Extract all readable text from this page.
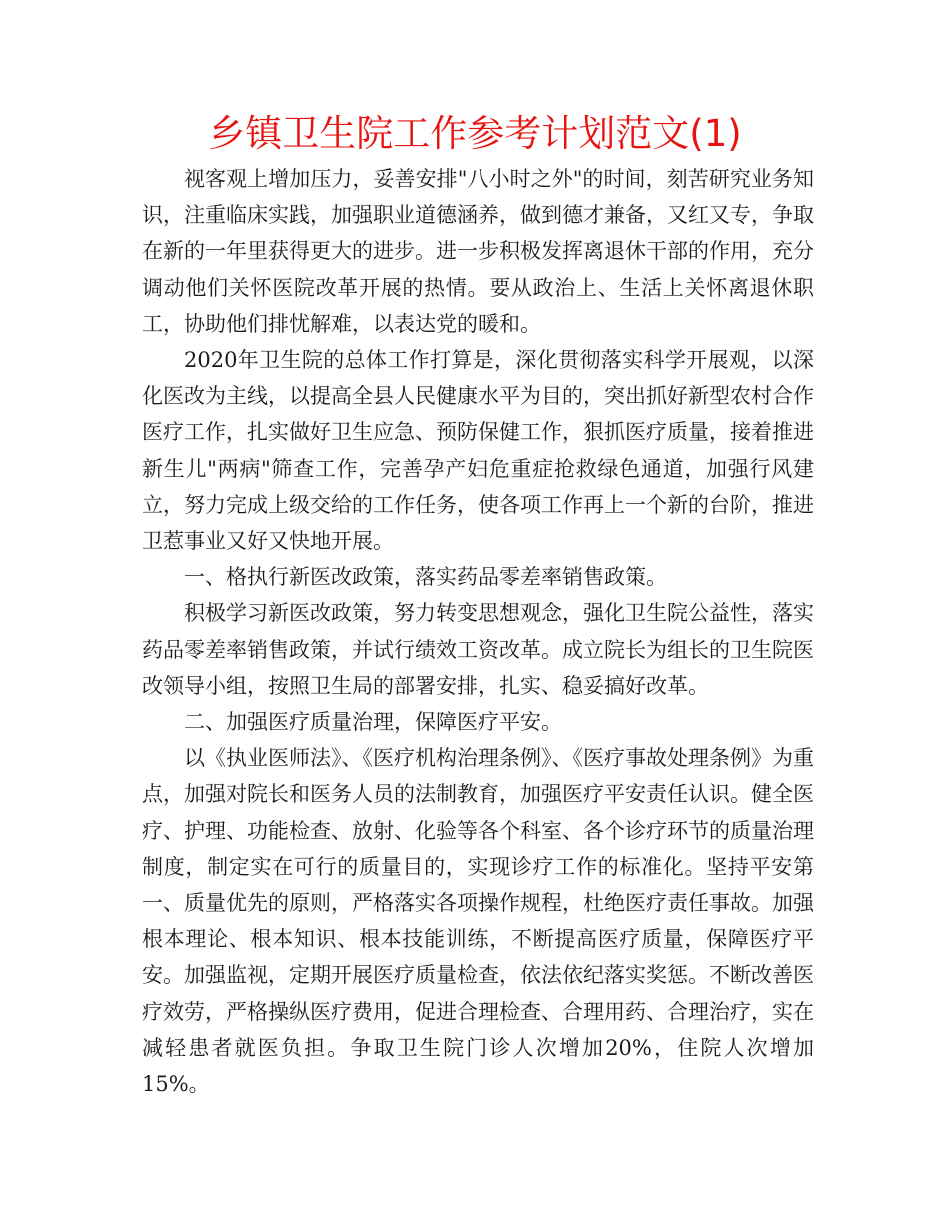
乡镇卫生院工作参考计划范文(1)

视客观上增加压力，妥善安排"八小时之外"的时间，刻苦研究业务知识，注重临床实践，加强职业道德涵养，做到德才兼备，又红又专，争取在新的一年里获得更大的进步。进一步积极发挥离退休干部的作用，充分调动他们关怀医院改革开展的热情。要从政治上、生活上关怀离退休职工，协助他们排忧解难，以表达党的暖和。

2020年卫生院的总体工作打算是，深化贯彻落实科学开展观，以深化医改为主线，以提高全县人民健康水平为目的，突出抓好新型农村合作医疗工作，扎实做好卫生应急、预防保健工作，狠抓医疗质量，接着推进新生儿"两病"筛查工作，完善孕产妇危重症抢救绿色通道，加强行风建立，努力完成上级交给的工作任务，使各项工作再上一个新的台阶，推进卫惹事业又好又快地开展。

一、格执行新医改政策，落实药品零差率销售政策。

积极学习新医改政策，努力转变思想观念，强化卫生院公益性，落实药品零差率销售政策，并试行绩效工资改革。成立院长为组长的卫生院医改领导小组，按照卫生局的部署安排，扎实、稳妥搞好改革。

二、加强医疗质量治理，保障医疗平安。

以《执业医师法》、《医疗机构治理条例》、《医疗事故处理条例》为重点，加强对院长和医务人员的法制教育，加强医疗平安责任认识。健全医疗、护理、功能检查、放射、化验等各个科室、各个诊疗环节的质量治理制度，制定实在可行的质量目的，实现诊疗工作的标准化。坚持平安第一、质量优先的原则，严格落实各项操作规程，杜绝医疗责任事故。加强根本理论、根本知识、根本技能训练，不断提高医疗质量，保障医疗平安。加强监视，定期开展医疗质量检查，依法依纪落实奖惩。不断改善医疗效劳，严格操纵医疗费用，促进合理检查、合理用药、合理治疗，实在减轻患者就医负担。争取卫生院门诊人次增加20%，住院人次增加15%。
